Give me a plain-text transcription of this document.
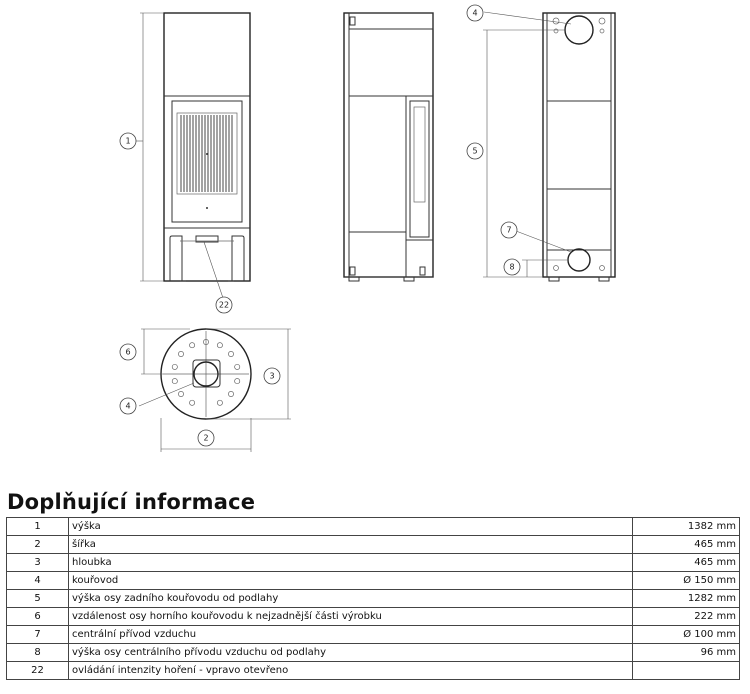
1
22
4
5
7
8
6
3
4
2
Doplňující informace
1	výška	1382 mm
2	šířka	465 mm
3	hloubka	465 mm
4	kouřovod	Ø 150 mm
5	výška osy zadního kouřovodu od podlahy	1282 mm
6	vzdálenost osy horního kouřovodu k nejzadnější části výrobku	222 mm
7	centrální přívod vzduchu	Ø 100 mm
8	výška osy centrálního přívodu vzduchu od podlahy	96 mm
22	ovládání intenzity hoření - vpravo otevřeno	
